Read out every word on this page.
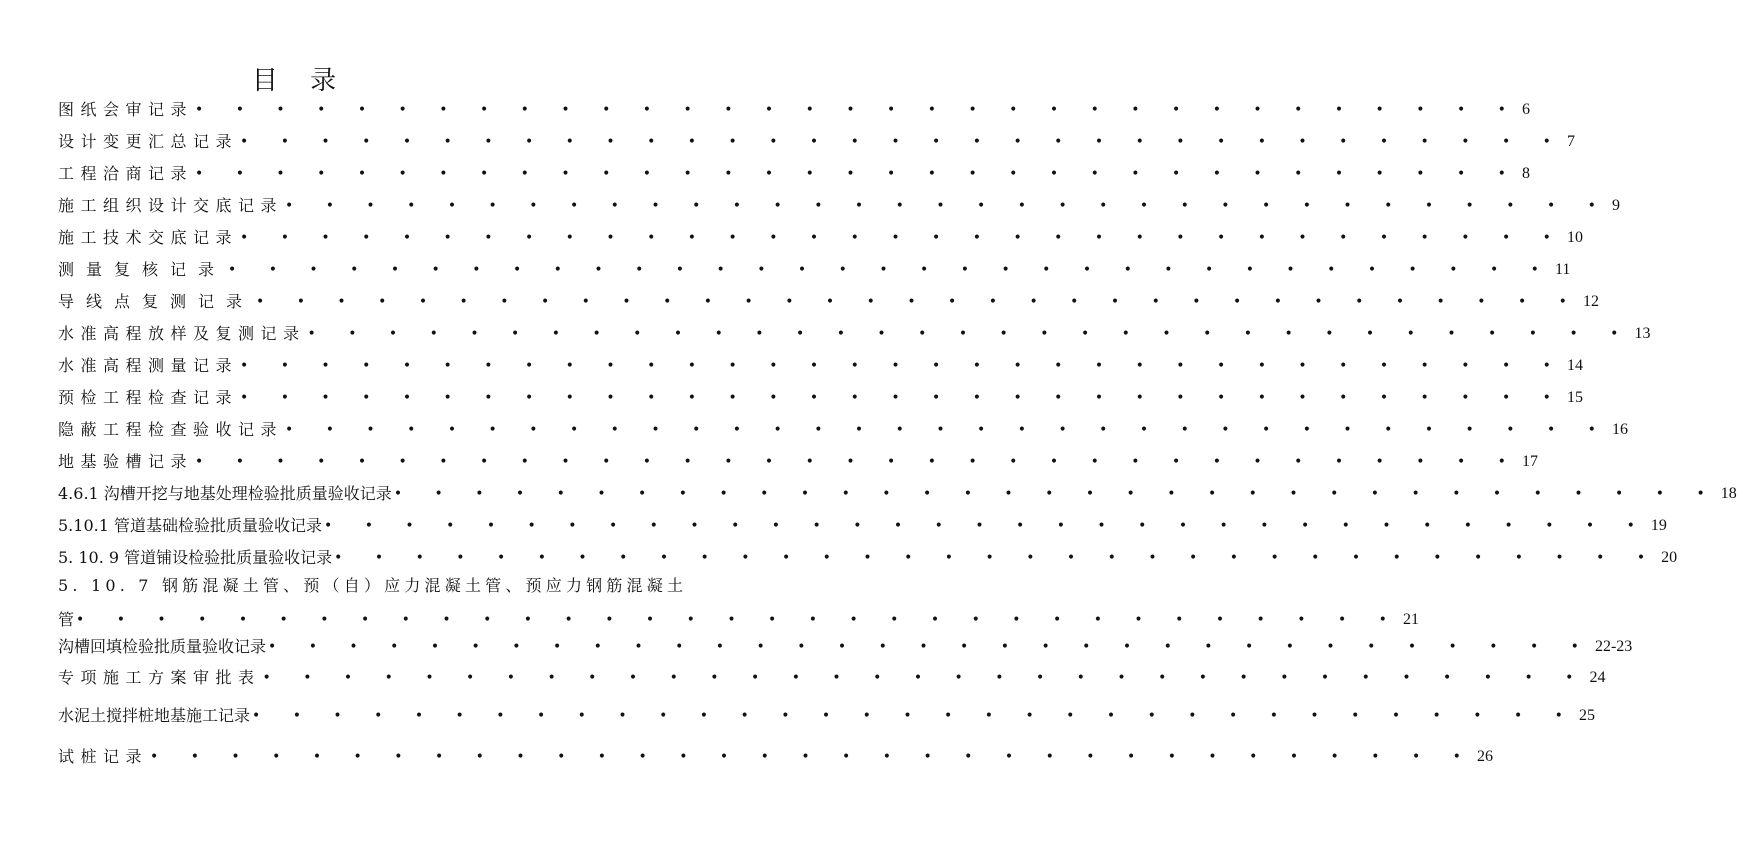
目 录
图纸会审记录 • • • • • • • • • • • • • • • • • • • • • • • • • • • • • • • • • 6
设计变更汇总记录 • • • • • • • • • • • • • • • • • • • • • • • • • • • • • • • • • 7
工程洽商记录 • • • • • • • • • • • • • • • • • • • • • • • • • • • • • • • • • 8
施工组织设计交底记录 • • • • • • • • • • • • • • • • • • • • • • • • • • • • • • • • • 9
施工技术交底记录 • • • • • • • • • • • • • • • • • • • • • • • • • • • • • • • • • 10
测量复核记录 • • • • • • • • • • • • • • • • • • • • • • • • • • • • • • • • • 11
导线点复测记录 • • • • • • • • • • • • • • • • • • • • • • • • • • • • • • • • • 12
水准高程放样及复测记录 • • • • • • • • • • • • • • • • • • • • • • • • • • • • • • • • • 13
水准高程测量记录 • • • • • • • • • • • • • • • • • • • • • • • • • • • • • • • • • 14
预检工程检查记录 • • • • • • • • • • • • • • • • • • • • • • • • • • • • • • • • • 15
隐蔽工程检查验收记录 • • • • • • • • • • • • • • • • • • • • • • • • • • • • • • • • • 16
地基验槽记录 • • • • • • • • • • • • • • • • • • • • • • • • • • • • • • • • • 17
4.6.1 沟槽开挖与地基处理检验批质量验收记录 • • • • • • • • • • • • • • • • • • • • • • • • • • • • • • • • • 18
5.10.1 管道基础检验批质量验收记录 • • • • • • • • • • • • • • • • • • • • • • • • • • • • • • • • • 19
5. 10. 9 管道铺设检验批质量验收记录 • • • • • • • • • • • • • • • • • • • • • • • • • • • • • • • • • 20
5. 10. 7 钢筋混凝土管、预（自）应力混凝土管、预应力钢筋混凝土
管 • • • • • • • • • • • • • • • • • • • • • • • • • • • • • • • • • 21
沟槽回填检验批质量验收记录 • • • • • • • • • • • • • • • • • • • • • • • • • • • • • • • • • 22-23
专项施工方案审批表 • • • • • • • • • • • • • • • • • • • • • • • • • • • • • • • • • 24
水泥土搅拌桩地基施工记录 • • • • • • • • • • • • • • • • • • • • • • • • • • • • • • • • • 25
试桩记录 • • • • • • • • • • • • • • • • • • • • • • • • • • • • • • • • • 26
